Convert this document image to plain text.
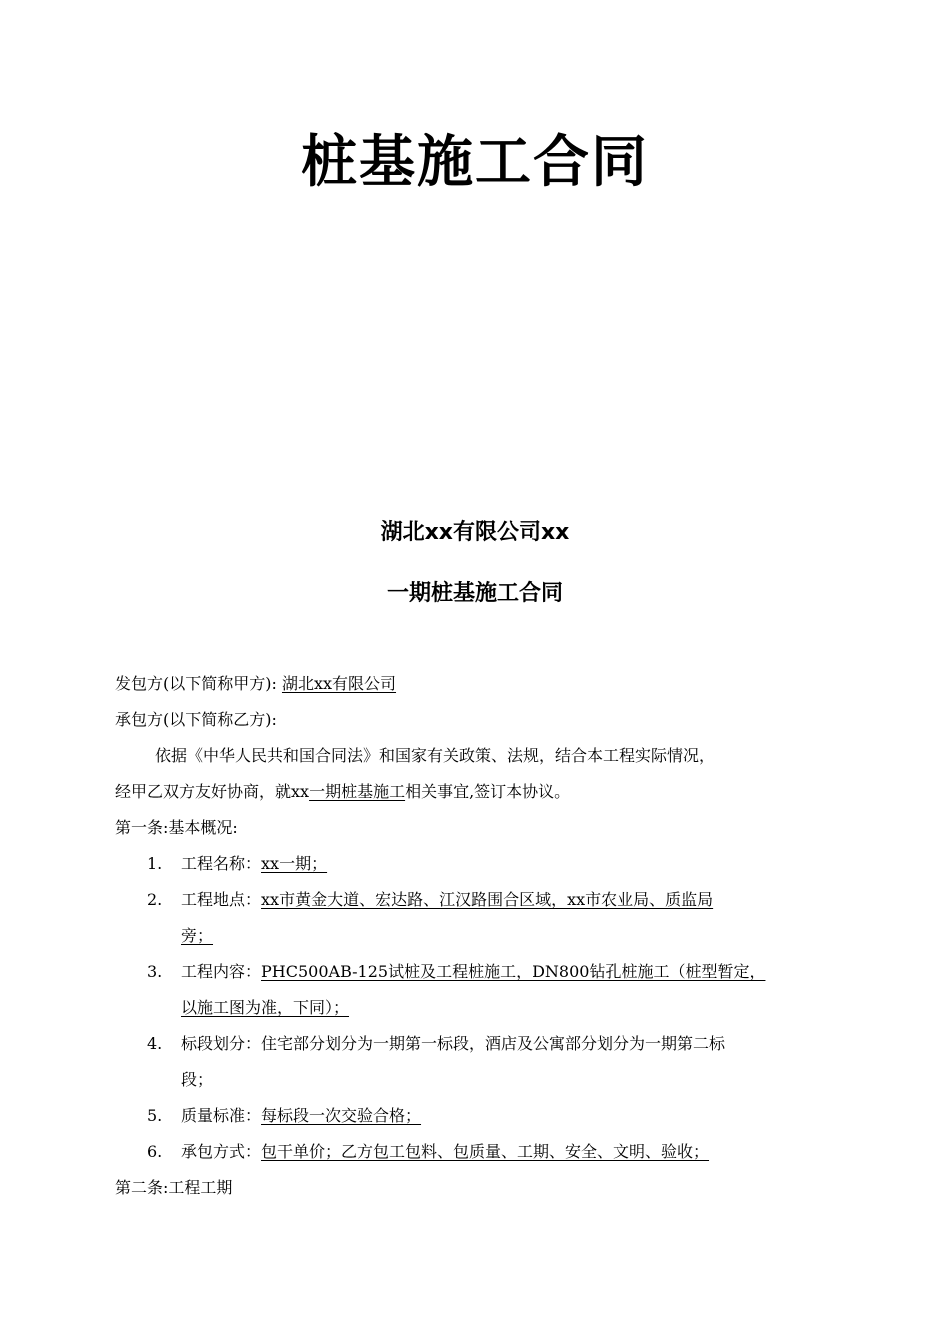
桩基施工合同
湖北xx有限公司xx
一期桩基施工合同
发包方(以下简称甲方): 湖北xx有限公司
承包方(以下简称乙方):
依据《中华人民共和国合同法》和国家有关政策、法规，结合本工程实际情况，
经甲乙双方友好协商，就xx一期桩基施工相关事宜,签订本协议。
第一条:基本概况:
1. 工程名称：xx一期；
2. 工程地点：xx市黄金大道、宏达路、江汉路围合区域，xx市农业局、质监局
旁；
3. 工程内容：PHC500AB-125试桩及工程桩施工，DN800钻孔桩施工（桩型暂定，
以施工图为准，下同）；
4. 标段划分：住宅部分划分为一期第一标段，酒店及公寓部分划分为一期第二标
段；
5. 质量标准：每标段一次交验合格；
6. 承包方式：包干单价；乙方包工包料、包质量、工期、安全、文明、验收；
第二条:工程工期
